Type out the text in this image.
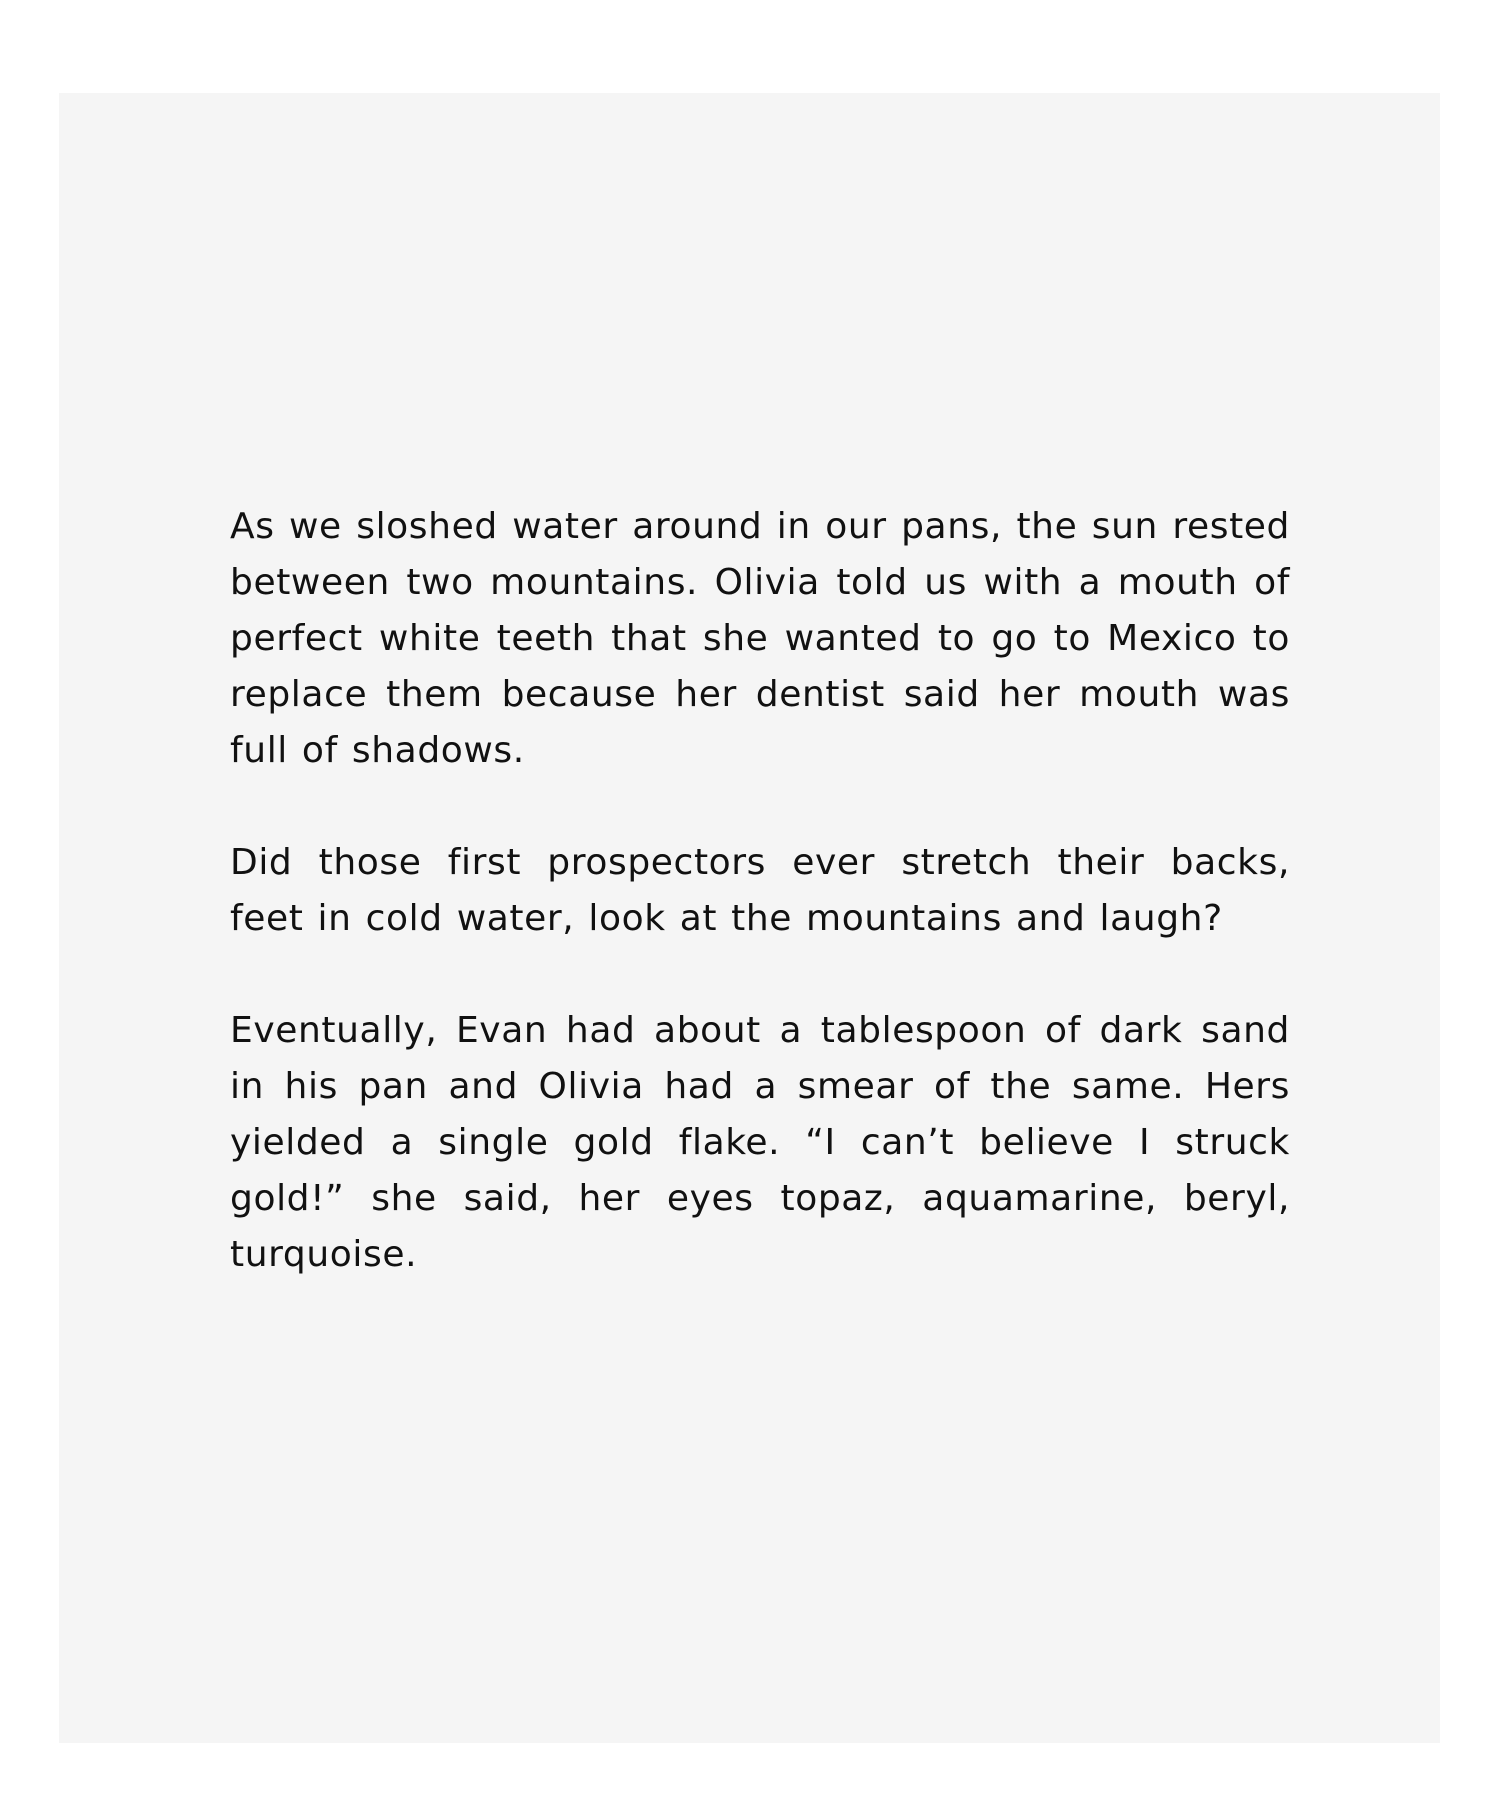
As we sloshed water around in our pans, the sun rested between two mountains. Olivia told us with a mouth of perfect white teeth that she wanted to go to Mexico to replace them because her dentist said her mouth was full of shadows.

Did those first prospectors ever stretch their backs, feet in cold water, look at the mountains and laugh?

Eventually, Evan had about a tablespoon of dark sand in his pan and Olivia had a smear of the same. Hers yielded a single gold flake. “I can’t believe I struck gold!” she said, her eyes topaz, aquamarine, beryl, turquoise.
